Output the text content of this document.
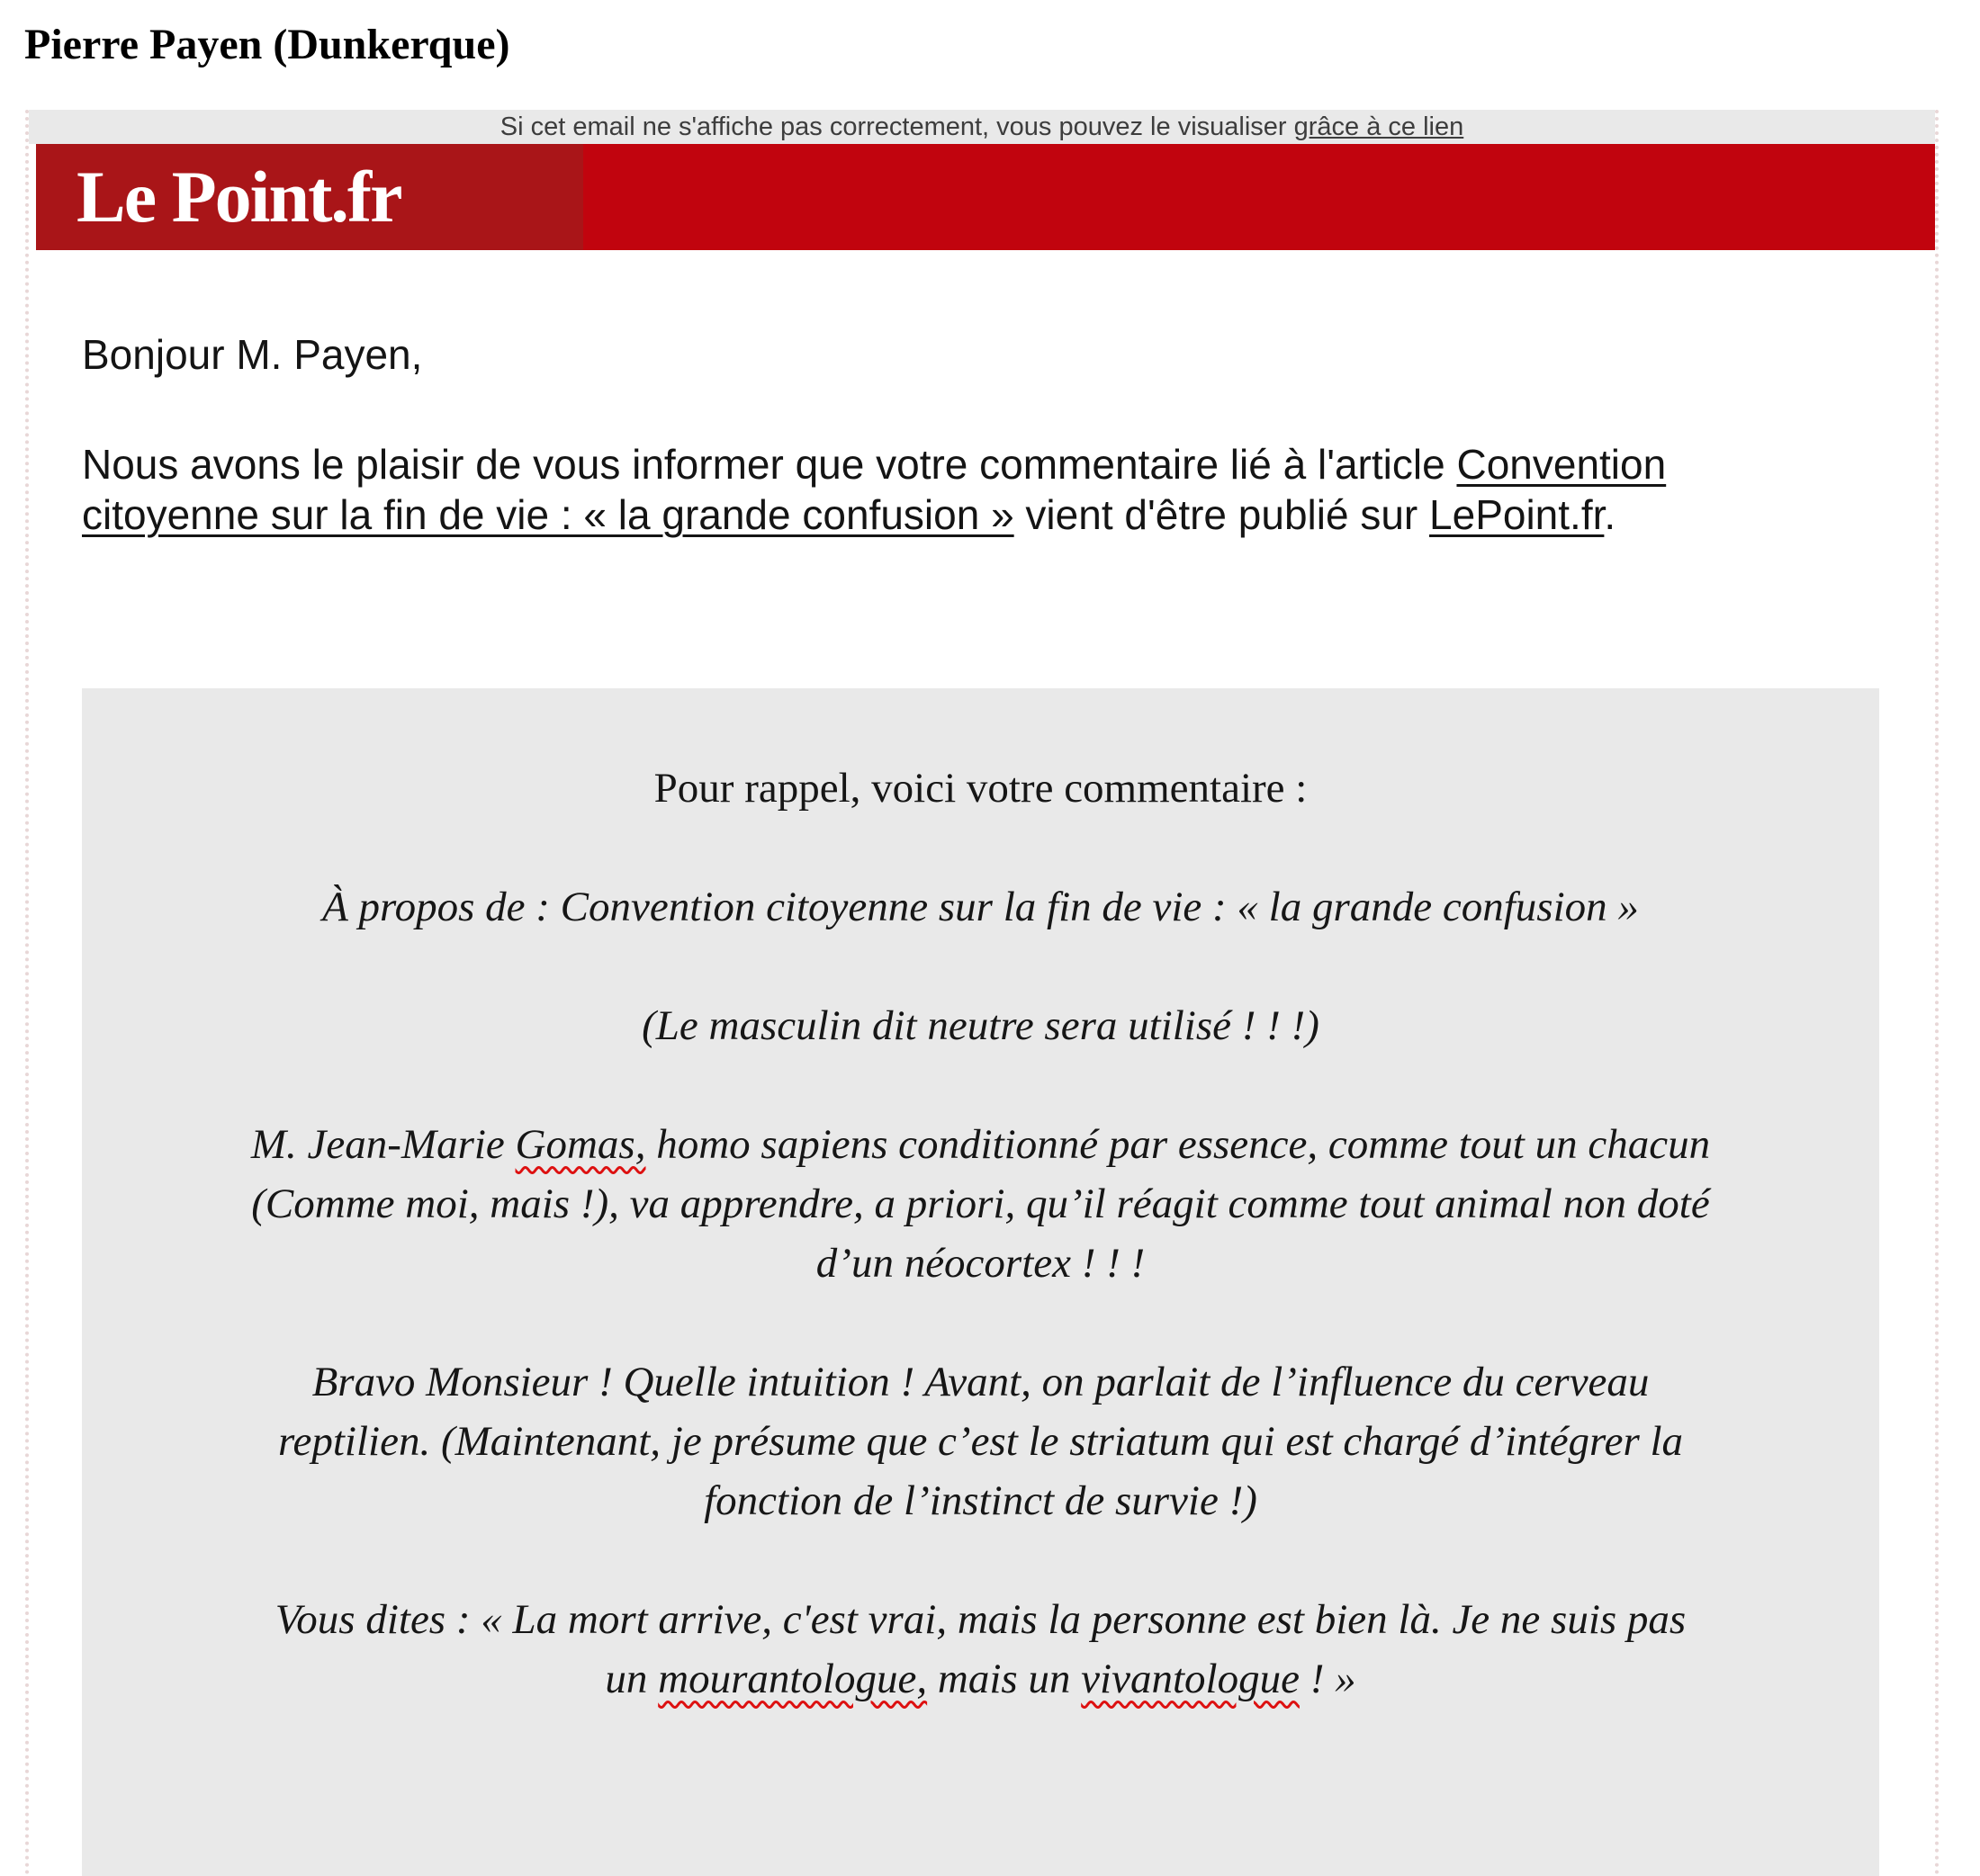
Pierre Payen (Dunkerque)
Si cet email ne s'affiche pas correctement, vous pouvez le visualiser grâce à ce lien
Le Point.fr

Bonjour M. Payen,

Nous avons le plaisir de vous informer que votre commentaire lié à l'article Convention
citoyenne sur la fin de vie : « la grande confusion » vient d'être publié sur LePoint.fr.

Pour rappel, voici votre commentaire :
À propos de : Convention citoyenne sur la fin de vie : « la grande confusion »
(Le masculin dit neutre sera utilisé ! ! !)
M. Jean-Marie Gomas, homo sapiens conditionné par essence, comme tout un chacun
(Comme moi, mais !), va apprendre, a priori, qu’il réagit comme tout animal non doté
d’un néocortex ! ! !
Bravo Monsieur ! Quelle intuition ! Avant, on parlait de l’influence du cerveau
reptilien. (Maintenant, je présume que c’est le striatum qui est chargé d’intégrer la
fonction de l’instinct de survie !)
Vous dites : « La mort arrive, c'est vrai, mais la personne est bien là. Je ne suis pas
un mourantologue, mais un vivantologue ! »
